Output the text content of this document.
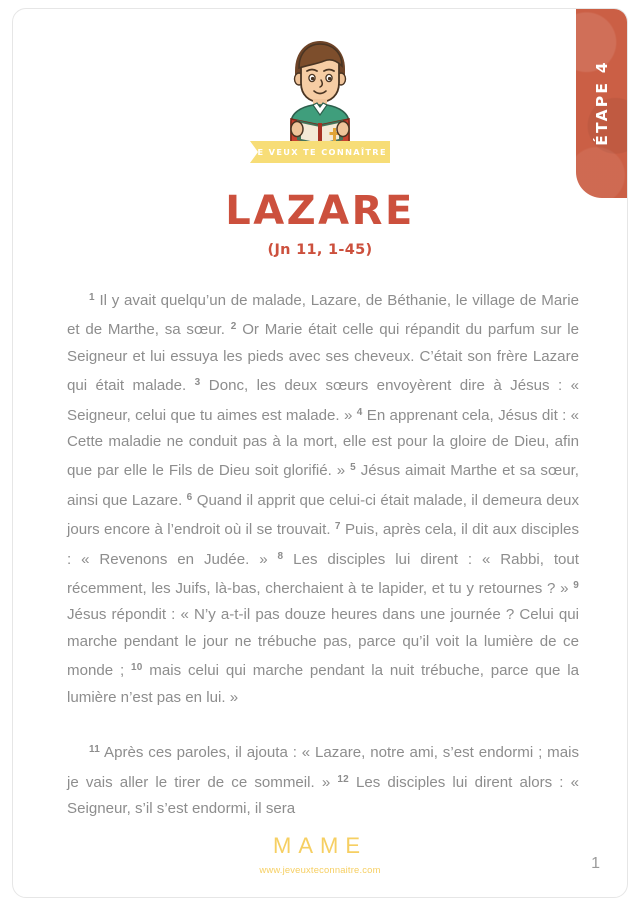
ÉTAPE 4
JE VEUX TE CONNAÎTRE
LAZARE
(Jn 11, 1-45)

$^1$ Il y avait quelqu’un de malade, Lazare, de Béthanie, le village de Marie et de Marthe, sa sœur. $^2$ Or Marie était celle qui répandit du parfum sur le Seigneur et lui essuya les pieds avec ses cheveux. C’était son frère Lazare qui était malade. $^3$ Donc, les deux sœurs envoyèrent dire à Jésus : « Seigneur, celui que tu aimes est malade. » $^4$ En apprenant cela, Jésus dit : « Cette maladie ne conduit pas à la mort, elle est pour la gloire de Dieu, afin que par elle le Fils de Dieu soit glorifié. » $^5$ Jésus aimait Marthe et sa sœur, ainsi que Lazare. $^6$ Quand il apprit que celui-ci était malade, il demeura deux jours encore à l’endroit où il se trouvait. $^7$ Puis, après cela, il dit aux disciples : « Revenons en Judée. » $^8$ Les disciples lui dirent : « Rabbi, tout récemment, les Juifs, là-bas, cherchaient à te lapider, et tu y retournes ? » $^9$ Jésus répondit : « N’y a-t-il pas douze heures dans une journée ? Celui qui marche pendant le jour ne trébuche pas, parce qu’il voit la lumière de ce monde ; $^{10}$ mais celui qui marche pendant la nuit trébuche, parce que la lumière n’est pas en lui. »

$^{11}$ Après ces paroles, il ajouta : « Lazare, notre ami, s’est endormi ; mais je vais aller le tirer de ce sommeil. » $^{12}$ Les disciples lui dirent alors : « Seigneur, s’il s’est endormi, il sera

MAME
www.jeveuxteconnaitre.com	1
